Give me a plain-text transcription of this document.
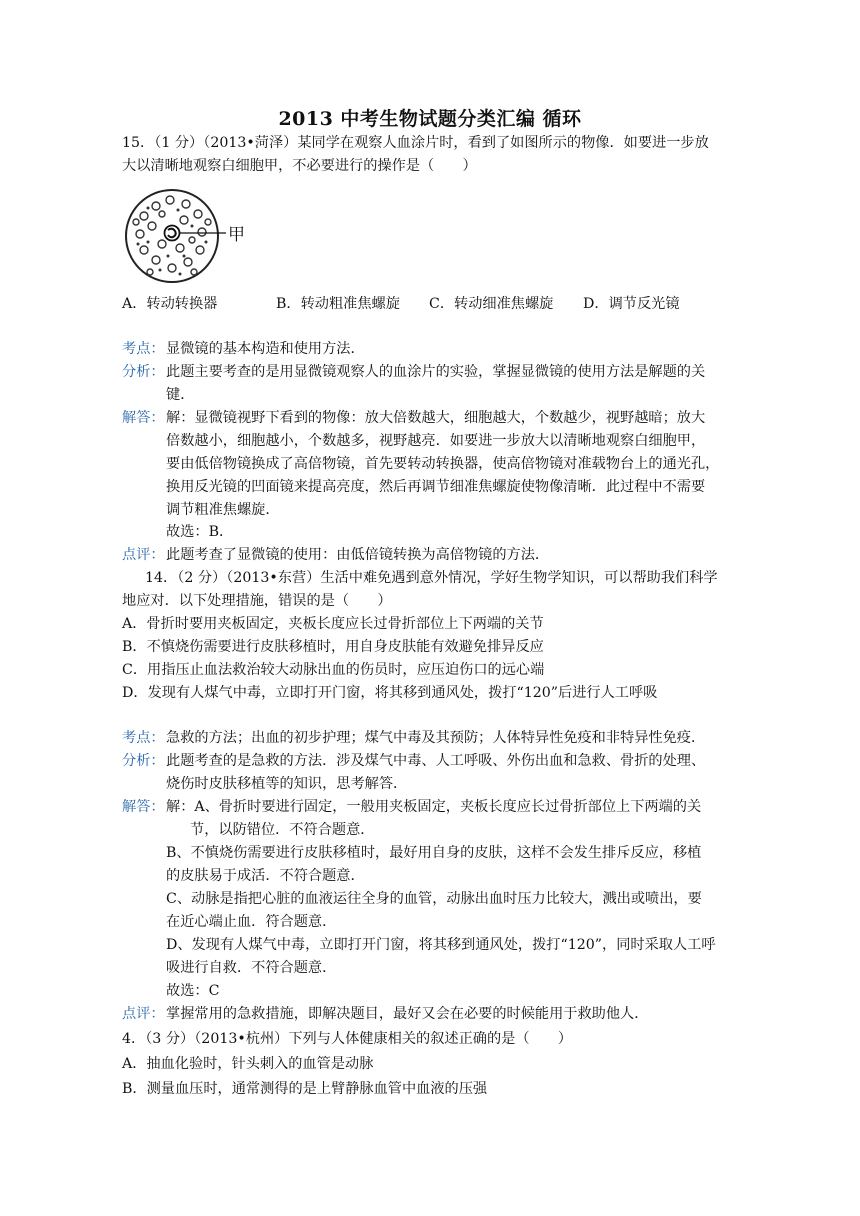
2013 中考生物试题分类汇编 循环
15．（1 分）（2013•菏泽）某同学在观察人血涂片时，看到了如图所示的物像．如要进一步放
大以清晰地观察白细胞甲，不必要进行的操作是（　　）
甲
A．转动转换器	B．转动粗准焦螺旋 C．转动细准焦螺旋 D．调节反光镜
考点： 显微镜的基本构造和使用方法．
分析： 此题主要考查的是用显微镜观察人的血涂片的实验，掌握显微镜的使用方法是解题的关
键．
解答： 解：显微镜视野下看到的物像：放大倍数越大，细胞越大，个数越少，视野越暗；放大
倍数越小，细胞越小，个数越多，视野越亮．如要进一步放大以清晰地观察白细胞甲，
要由低倍物镜换成了高倍物镜，首先要转动转换器，使高倍物镜对准载物台上的通光孔，
换用反光镜的凹面镜来提高亮度，然后再调节细准焦螺旋使物像清晰．此过程中不需要
调节粗准焦螺旋．
故选：B．
点评： 此题考查了显微镜的使用：由低倍镜转换为高倍物镜的方法．
14．（2 分）（2013•东营）生活中难免遇到意外情况，学好生物学知识，可以帮助我们科学
地应对．以下处理措施，错误的是（　　）
A．骨折时要用夹板固定，夹板长度应长过骨折部位上下两端的关节
B．不慎烧伤需要进行皮肤移植时，用自身皮肤能有效避免排异反应
C．用指压止血法救治较大动脉出血的伤员时，应压迫伤口的远心端
D．发现有人煤气中毒，立即打开门窗，将其移到通风处，拨打“120”后进行人工呼吸
考点： 急救的方法；出血的初步护理；煤气中毒及其预防；人体特异性免疫和非特异性免疫．
分析： 此题考查的是急救的方法．涉及煤气中毒、人工呼吸、外伤出血和急救、骨折的处理、
烧伤时皮肤移植等的知识，思考解答．
解答： 解：A、骨折时要进行固定，一般用夹板固定，夹板长度应长过骨折部位上下两端的关
节，以防错位．不符合题意．
B、不慎烧伤需要进行皮肤移植时，最好用自身的皮肤，这样不会发生排斥反应，移植
的皮肤易于成活．不符合题意．
C、动脉是指把心脏的血液运往全身的血管，动脉出血时压力比较大，溅出或喷出，要
在近心端止血．符合题意．
D、发现有人煤气中毒，立即打开门窗，将其移到通风处，拨打“120”，同时采取人工呼
吸进行自救．不符合题意．
故选：C
点评： 掌握常用的急救措施，即解决题目，最好又会在必要的时候能用于救助他人．
4．（3 分）（2013•杭州）下列与人体健康相关的叙述正确的是（　　）
A．抽血化验时，针头刺入的血管是动脉
B．测量血压时，通常测得的是上臂静脉血管中血液的压强
